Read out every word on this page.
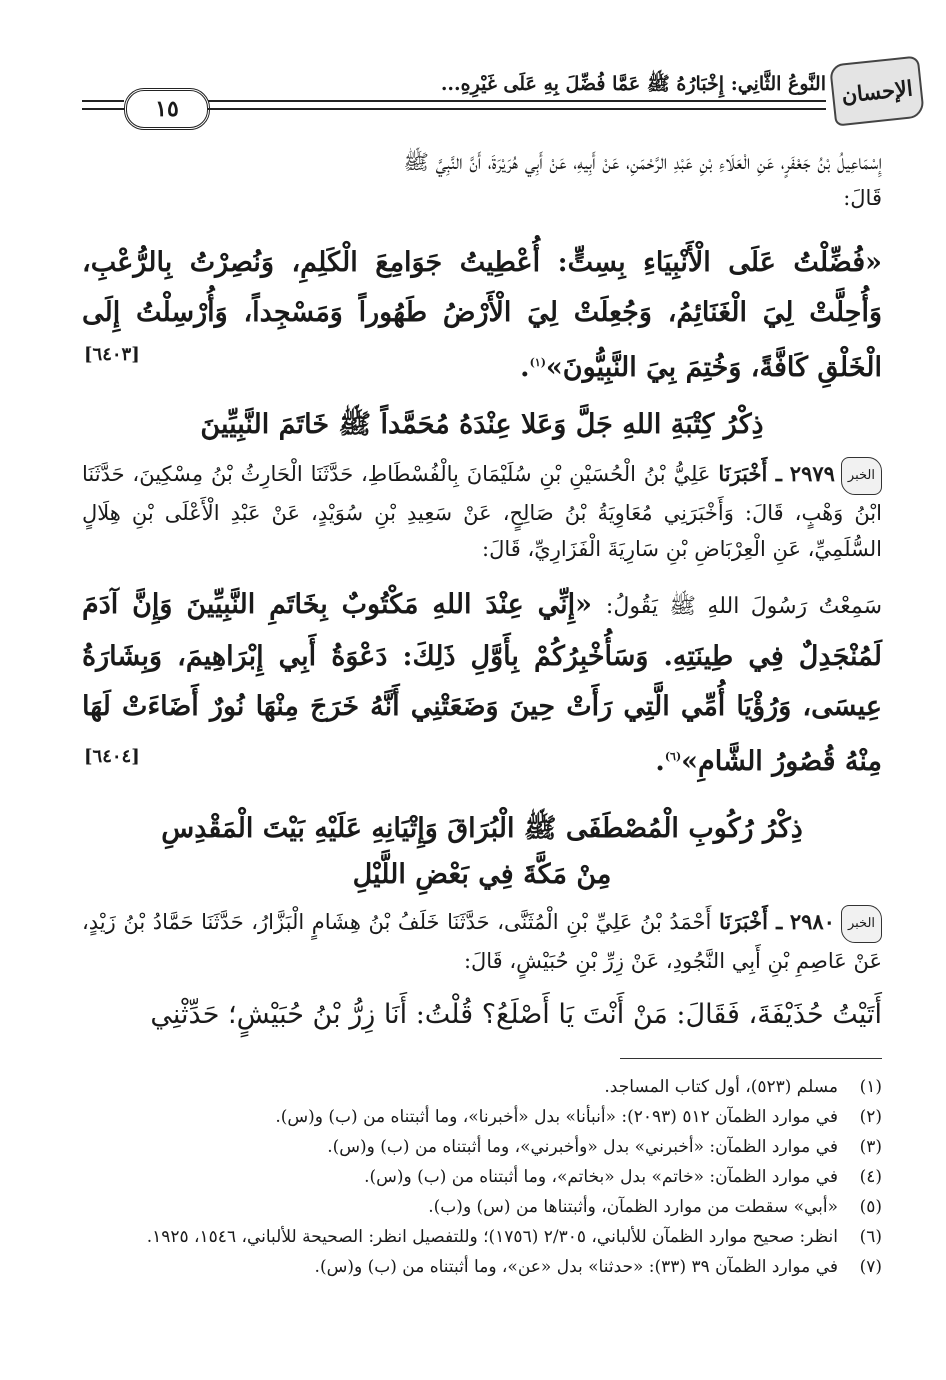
الإحسان
النَّوعُ الثَّانِي: إِخْبَارُهُ ﷺ عَمَّا فُضِّلَ بِهِ عَلَى غَيْرِهِ...
١٥
إِسْمَاعِيلُ بْنُ جَعْفَرٍ، عَنِ الْعَلَاءِ بْنِ عَبْدِ الرَّحْمَنِ، عَنْ أَبِيهِ، عَنْ أَبِي هُرَيْرَةَ، أَنَّ النَّبِيَّ ﷺ
قَالَ:
«فُضِّلْتُ عَلَى الْأَنْبِيَاءِ بِسِتٍّ: أُعْطِيتُ جَوَامِعَ الْكَلِمِ، وَنُصِرْتُ بِالرُّعْبِ، وَأُحِلَّتْ لِيَ الْغَنَائِمُ، وَجُعِلَتْ لِيَ الْأَرْضُ طَهُوراً وَمَسْجِداً، وَأُرْسِلْتُ إِلَى الْخَلْقِ كَافَّةً، وَخُتِمَ بِيَ النَّبِيُّونَ»$^{(١)}$.
[٦٤٠٣]
ذِكْرُ كِتْبَةِ اللهِ جَلَّ وَعَلا عِنْدَهُ مُحَمَّداً ﷺ خَاتَمَ النَّبِيِّينَ
الخبر٢٩٧٩ ـ أَخْبَرَنَا عَلِيُّ بْنُ الْحُسَيْنِ بْنِ سُلَيْمَانَ بِالْفُسْطَاطِ، حَدَّثَنَا الْحَارِثُ بْنُ مِسْكِينَ، حَدَّثَنَا ابْنُ وَهْبٍ، قَالَ: وَأَخْبَرَنِي مُعَاوِيَةُ بْنُ صَالِحٍ، عَنْ سَعِيدِ بْنِ سُوَيْدٍ، عَنْ عَبْدِ الْأَعْلَى بْنِ هِلَالٍ السُّلَمِيِّ، عَنِ الْعِرْبَاضِ بْنِ سَارِيَةَ الْفَزَارِيِّ، قَالَ:
سَمِعْتُ رَسُولَ اللهِ ﷺ يَقُولُ: «إِنِّي عِنْدَ اللهِ مَكْتُوبٌ بِخَاتَمِ النَّبِيِّينَ وَإِنَّ آدَمَ لَمُنْجَدِلٌ فِي طِينَتِهِ. وَسَأُخْبِرُكُمْ بِأَوَّلِ ذَلِكَ: دَعْوَةُ أَبِي إِبْرَاهِيمَ، وَبِشَارَةُ عِيسَى، وَرُؤْيَا أُمِّي الَّتِي رَأَتْ حِينَ وَضَعَتْنِي أَنَّهُ خَرَجَ مِنْهَا نُورٌ أَضَاءَتْ لَهَا مِنْهُ قُصُورُ الشَّامِ»$^{(٦)}$.
[٦٤٠٤]
ذِكْرُ رُكُوبِ الْمُصْطَفَى ﷺ الْبُرَاقَ وَإِتْيَانِهِ عَلَيْهِ بَيْتَ الْمَقْدِسِ
مِنْ مَكَّةَ فِي بَعْضِ اللَّيْلِ
الخبر٢٩٨٠ ـ أَخْبَرَنَا أَحْمَدُ بْنُ عَلِيِّ بْنِ الْمُثَنَّى، حَدَّثَنَا خَلَفُ بْنُ هِشَامٍ الْبَزَّارُ، حَدَّثَنَا حَمَّادُ بْنُ زَيْدٍ، عَنْ عَاصِمِ بْنِ أَبِي النَّجُودِ، عَنْ زِرِّ بْنِ حُبَيْشٍ، قَالَ:
أَتَيْتُ حُذَيْفَةَ، فَقَالَ: مَنْ أَنْتَ يَا أَصْلَعُ؟ قُلْتُ: أَنَا زِرُّ بْنُ حُبَيْشٍ؛ حَدِّثْنِي
(١)
مسلم (٥٢٣)، أول كتاب المساجد.
(٢)
في موارد الظمآن ٥١٢ (٢٠٩٣): «أنبأنا» بدل «أخبرنا»، وما أثبتناه من (ب) و(س).
(٣)
في موارد الظمآن: «أخبرني» بدل «وأخبرني»، وما أثبتناه من (ب) و(س).
(٤)
في موارد الظمآن: «خاتم» بدل «بخاتم»، وما أثبتناه من (ب) و(س).
(٥)
«أبي» سقطت من موارد الظمآن، وأثبتناها من (س) و(ب).
(٦)
انظر: صحيح موارد الظمآن للألباني، ٢/٣٠٥ (١٧٥٦)؛ وللتفصيل انظر: الصحيحة للألباني، ١٥٤٦، ١٩٢٥.
(٧)
في موارد الظمآن ٣٩ (٣٣): «حدثنا» بدل «عن»، وما أثبتناه من (ب) و(س).
